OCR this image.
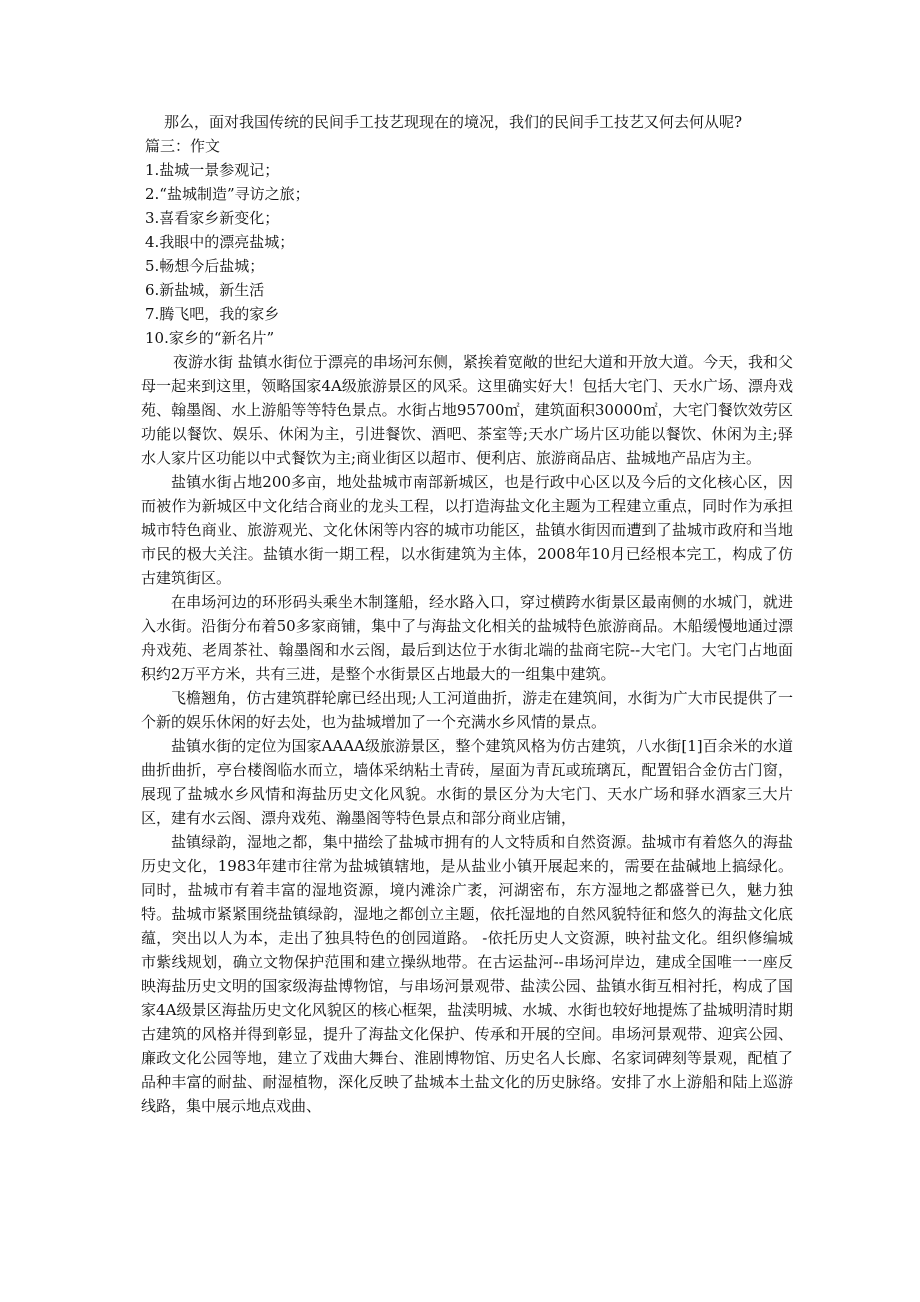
那么，面对我国传统的民间手工技艺现现在的境况，我们的民间手工技艺又何去何从呢?

篇三：作文

1.盐城一景参观记；

2.“盐城制造”寻访之旅；

3.喜看家乡新变化；

4.我眼中的漂亮盐城；

5.畅想今后盐城；

6.新盐城，新生活

7.腾飞吧，我的家乡

10.家乡的“新名片”

夜游水街 盐镇水街位于漂亮的串场河东侧，紧挨着宽敞的世纪大道和开放大道。今天，我和父母一起来到这里，领略国家4A级旅游景区的风采。这里确实好大！包括大宅门、天水广场、漂舟戏苑、翰墨阁、水上游船等等特色景点。水街占地95700㎡，建筑面积30000㎡，大宅门餐饮效劳区功能以餐饮、娱乐、休闲为主，引进餐饮、酒吧、茶室等;天水广场片区功能以餐饮、休闲为主;驿水人家片区功能以中式餐饮为主;商业街区以超市、便利店、旅游商品店、盐城地产品店为主。

盐镇水街占地200多亩，地处盐城市南部新城区，也是行政中心区以及今后的文化核心区，因而被作为新城区中文化结合商业的龙头工程，以打造海盐文化主题为工程建立重点，同时作为承担城市特色商业、旅游观光、文化休闲等内容的城市功能区，盐镇水街因而遭到了盐城市政府和当地市民的极大关注。盐镇水街一期工程，以水街建筑为主体，2008年10月已经根本完工，构成了仿古建筑街区。

在串场河边的环形码头乘坐木制篷船，经水路入口，穿过横跨水街景区最南侧的水城门，就进入水街。沿街分布着50多家商铺，集中了与海盐文化相关的盐城特色旅游商品。木船缓慢地通过漂舟戏苑、老周茶社、翰墨阁和水云阁，最后到达位于水街北端的盐商宅院--大宅门。大宅门占地面积约2万平方米，共有三进，是整个水街景区占地最大的一组集中建筑。

飞檐翘角，仿古建筑群轮廓已经出现;人工河道曲折，游走在建筑间，水街为广大市民提供了一个新的娱乐休闲的好去处，也为盐城增加了一个充满水乡风情的景点。

盐镇水街的定位为国家AAAA级旅游景区，整个建筑风格为仿古建筑，八水街[1]百余米的水道曲折曲折，亭台楼阁临水而立，墙体采纳粘土青砖，屋面为青瓦或琉璃瓦，配置铝合金仿古门窗，展现了盐城水乡风情和海盐历史文化风貌。水街的景区分为大宅门、天水广场和驿水酒家三大片区，建有水云阁、漂舟戏苑、瀚墨阁等特色景点和部分商业店铺，

盐镇绿韵，湿地之都，集中描绘了盐城市拥有的人文特质和自然资源。盐城市有着悠久的海盐历史文化，1983年建市往常为盐城镇辖地，是从盐业小镇开展起来的，需要在盐碱地上搞绿化。同时，盐城市有着丰富的湿地资源，境内滩涂广袤，河湖密布，东方湿地之都盛誉已久，魅力独特。盐城市紧紧围绕盐镇绿韵，湿地之都创立主题，依托湿地的自然风貌特征和悠久的海盐文化底蕴，突出以人为本，走出了独具特色的创园道路。 -依托历史人文资源，映衬盐文化。组织修编城市紫线规划，确立文物保护范围和建立操纵地带。在古运盐河--串场河岸边，建成全国唯一一座反映海盐历史文明的国家级海盐博物馆，与串场河景观带、盐渎公园、盐镇水街互相衬托，构成了国家4A级景区海盐历史文化风貌区的核心框架，盐渎明城、水城、水街也较好地提炼了盐城明清时期古建筑的风格并得到彰显，提升了海盐文化保护、传承和开展的空间。串场河景观带、迎宾公园、廉政文化公园等地，建立了戏曲大舞台、淮剧博物馆、历史名人长廊、名家词碑刻等景观，配植了品种丰富的耐盐、耐湿植物，深化反映了盐城本土盐文化的历史脉络。安排了水上游船和陆上巡游线路，集中展示地点戏曲、
